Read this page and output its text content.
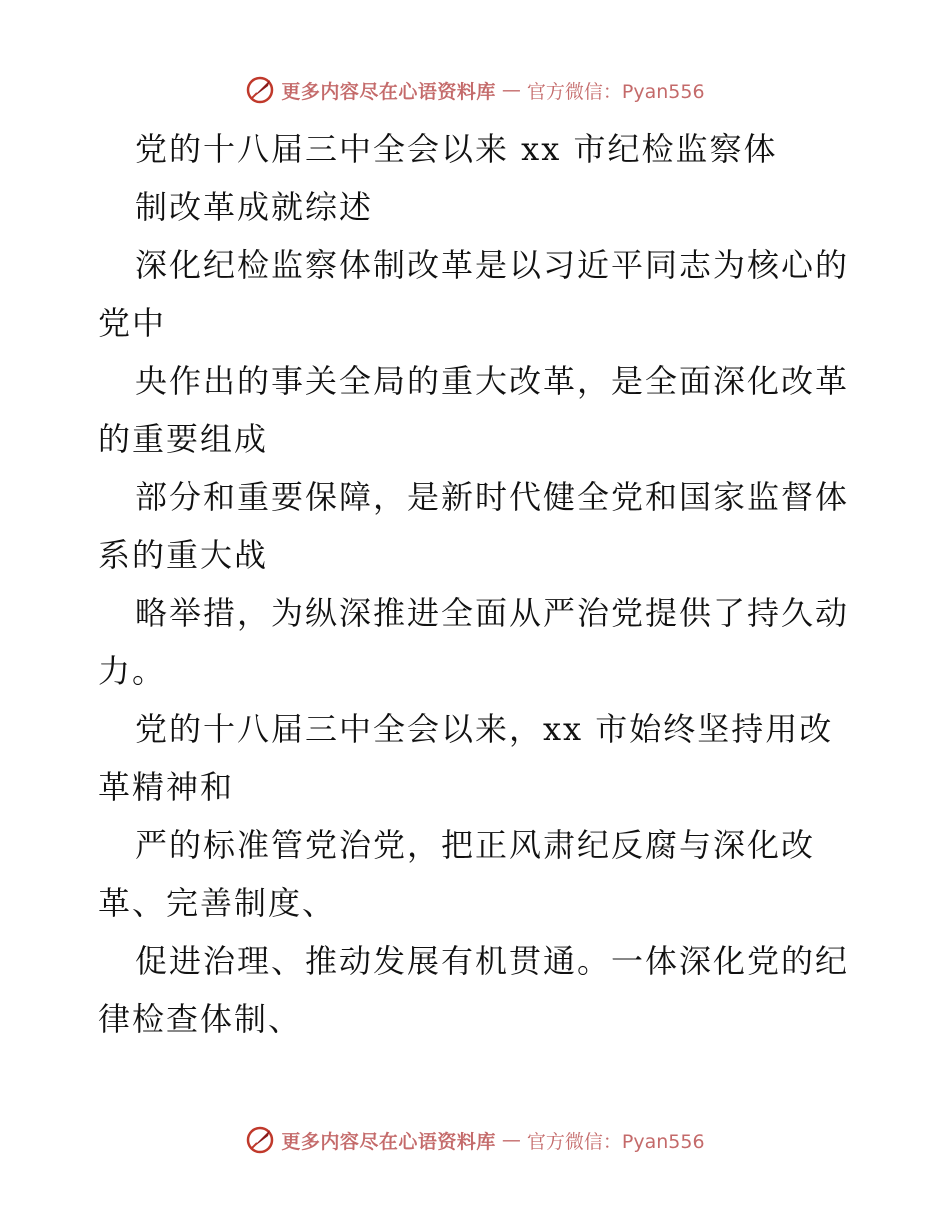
更多内容尽在心语资料库 — 官方微信：Pyan556
党的十八届三中全会以来 xx 市纪检监察体
制改革成就综述
深化纪检监察体制改革是以习近平同志为核心的
党中
央作出的事关全局的重大改革，是全面深化改革
的重要组成
部分和重要保障，是新时代健全党和国家监督体
系的重大战
略举措，为纵深推进全面从严治党提供了持久动
力。
党的十八届三中全会以来，xx 市始终坚持用改
革精神和
严的标准管党治党，把正风肃纪反腐与深化改
革、完善制度、
促进治理、推动发展有机贯通。一体深化党的纪
律检查体制、
更多内容尽在心语资料库 — 官方微信：Pyan556
